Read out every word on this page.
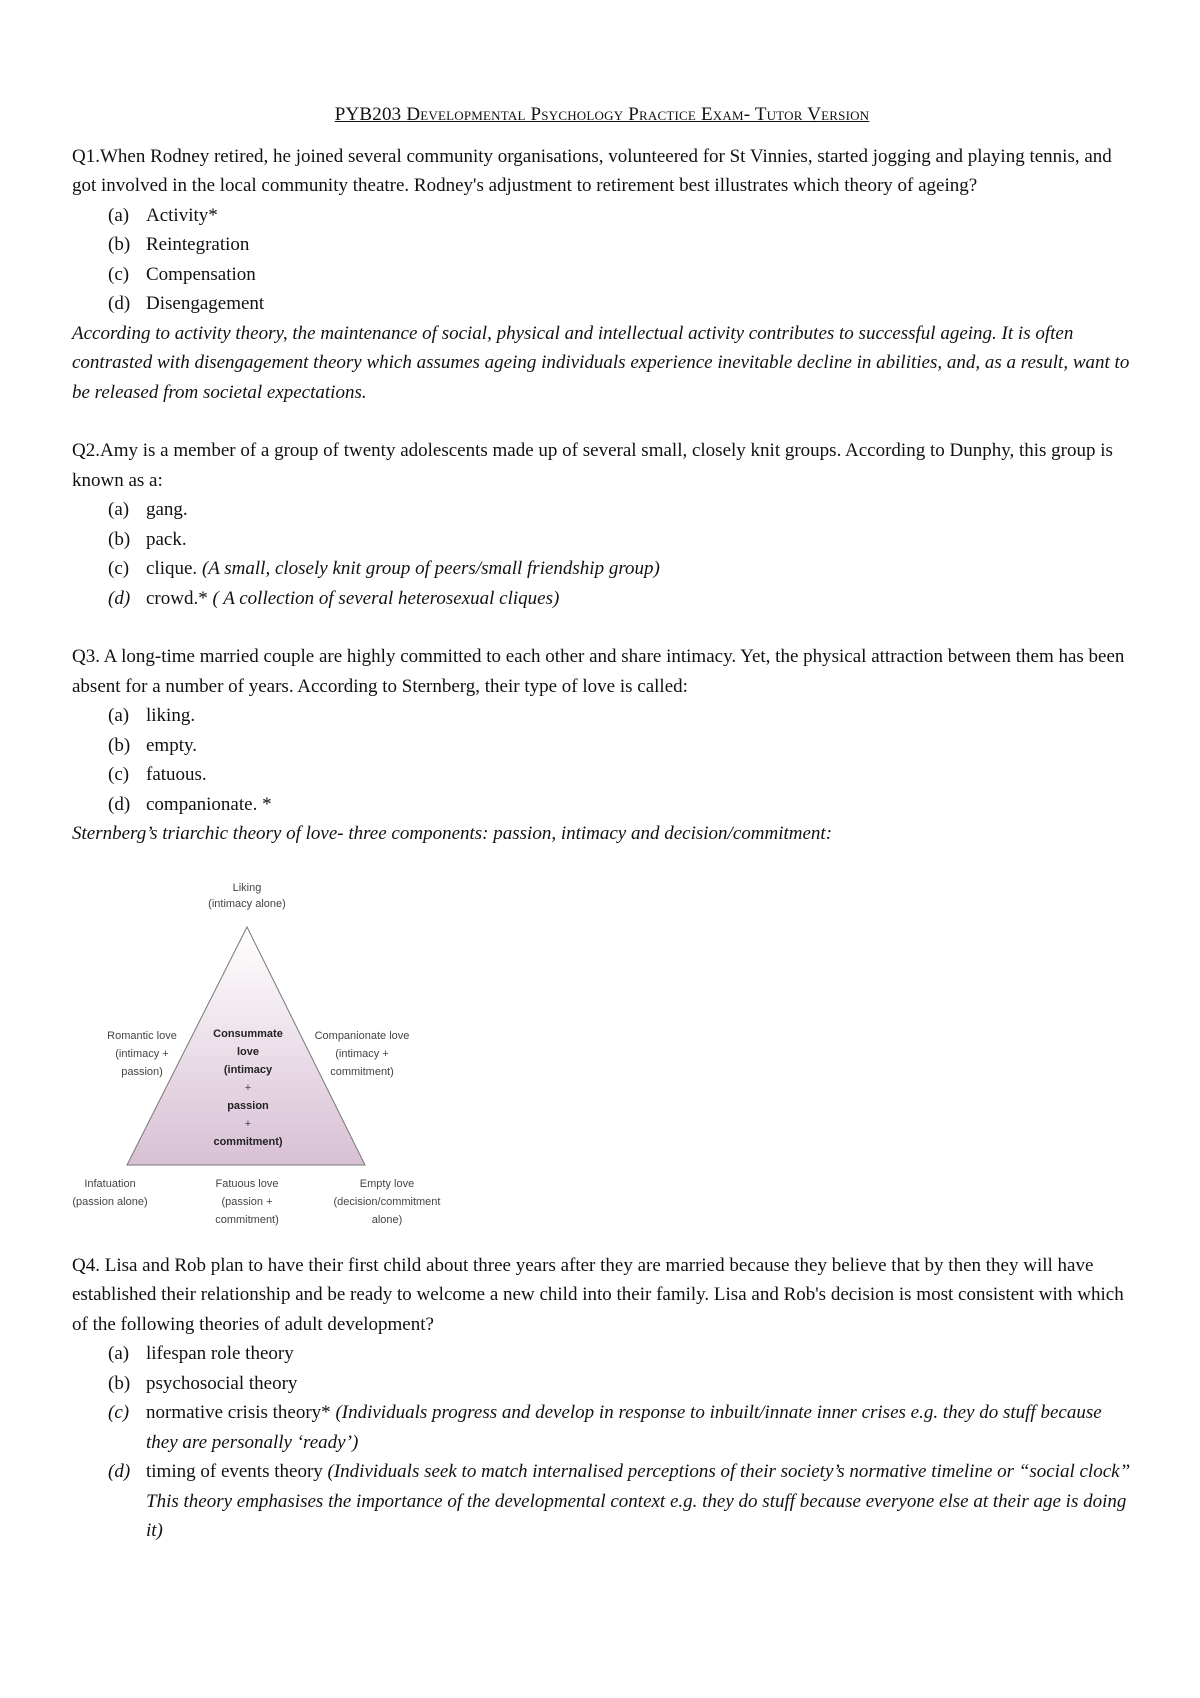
PYB203 Developmental Psychology Practice Exam- Tutor Version

Q1.When Rodney retired, he joined several community organisations, volunteered for St Vinnies, started jogging and playing tennis, and got involved in the local community theatre. Rodney's adjustment to retirement best illustrates which theory of ageing?

(a) Activity*
(b) Reintegration
(c) Compensation
(d) Disengagement

According to activity theory, the maintenance of social, physical and intellectual activity contributes to successful ageing. It is often contrasted with disengagement theory which assumes ageing individuals experience inevitable decline in abilities, and, as a result, want to be released from societal expectations.

Q2.Amy is a member of a group of twenty adolescents made up of several small, closely knit groups. According to Dunphy, this group is known as a:

(a) gang.
(b) pack.
(c) clique. (A small, closely knit group of peers/small friendship group)
(d) crowd.* ( A collection of several heterosexual cliques)

Q3. A long-time married couple are highly committed to each other and share intimacy. Yet, the physical attraction between them has been absent for a number of years. According to Sternberg, their type of love is called:

(a) liking.
(b) empty.
(c) fatuous.
(d) companionate. *

Sternberg’s triarchic theory of love- three components: passion, intimacy and decision/commitment:

Liking
(intimacy alone)
Consummate
love
(intimacy
+
passion
+
commitment)
Romantic love
(intimacy +
passion)
Companionate love
(intimacy +
commitment)
Infatuation
(passion alone)
Fatuous love
(passion +
commitment)
Empty love
(decision/commitment
alone)

Q4. Lisa and Rob plan to have their first child about three years after they are married because they believe that by then they will have established their relationship and be ready to welcome a new child into their family. Lisa and Rob's decision is most consistent with which of the following theories of adult development?

(a) lifespan role theory
(b) psychosocial theory
(c) normative crisis theory* (Individuals progress and develop in response to inbuilt/innate inner crises e.g. they do stuff because they are personally ‘ready’)
(d) timing of events theory (Individuals seek to match internalised perceptions of their society’s normative timeline or “social clock” This theory emphasises the importance of the developmental context e.g. they do stuff because everyone else at their age is doing it)
